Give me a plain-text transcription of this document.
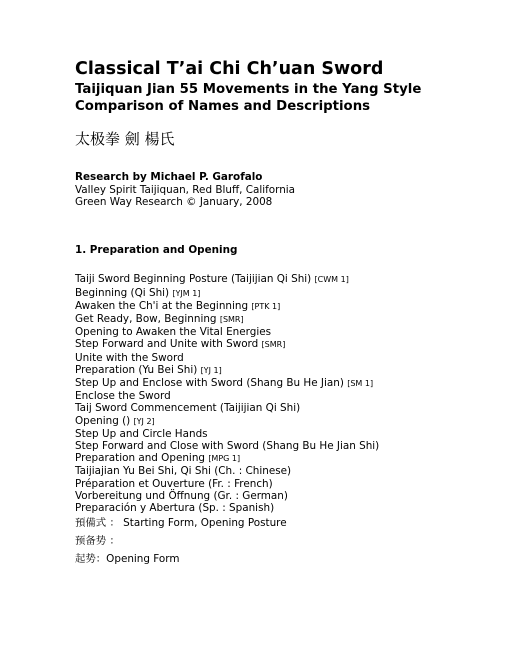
Classical T’ai Chi Ch’uan Sword
Taijiquan Jian 55 Movements in the Yang Style
Comparison of Names and Descriptions
太极拳 劍 楊氏
Research by Michael P. Garofalo
Valley Spirit Taijiquan, Red Bluff, California
Green Way Research © January, 2008
1. Preparation and Opening
Taiji Sword Beginning Posture (Taijijian Qi Shi) [CWM 1]
Beginning (Qi Shi) [YJM 1]
Awaken the Ch'i at the Beginning [PTK 1]
Get Ready, Bow, Beginning [SMR]
Opening to Awaken the Vital Energies
Step Forward and Unite with Sword [SMR]
Unite with the Sword
Preparation (Yu Bei Shi) [YJ 1]
Step Up and Enclose with Sword (Shang Bu He Jian) [SM 1]
Enclose the Sword
Taij Sword Commencement (Taijijian Qi Shi)
Opening () [YJ 2]
Step Up and Circle Hands
Step Forward and Close with Sword (Shang Bu He Jian Shi)
Preparation and Opening [MPG 1]
Taijiajian Yu Bei Shi, Qi Shi (Ch. : Chinese)
Préparation et Ouverture (Fr. : French)
Vorbereitung und Öffnung (Gr. : German)
Preparación y Abertura (Sp. : Spanish)
預備式 ： Starting Form, Opening Posture
预备势 ：
起势：Opening Form
